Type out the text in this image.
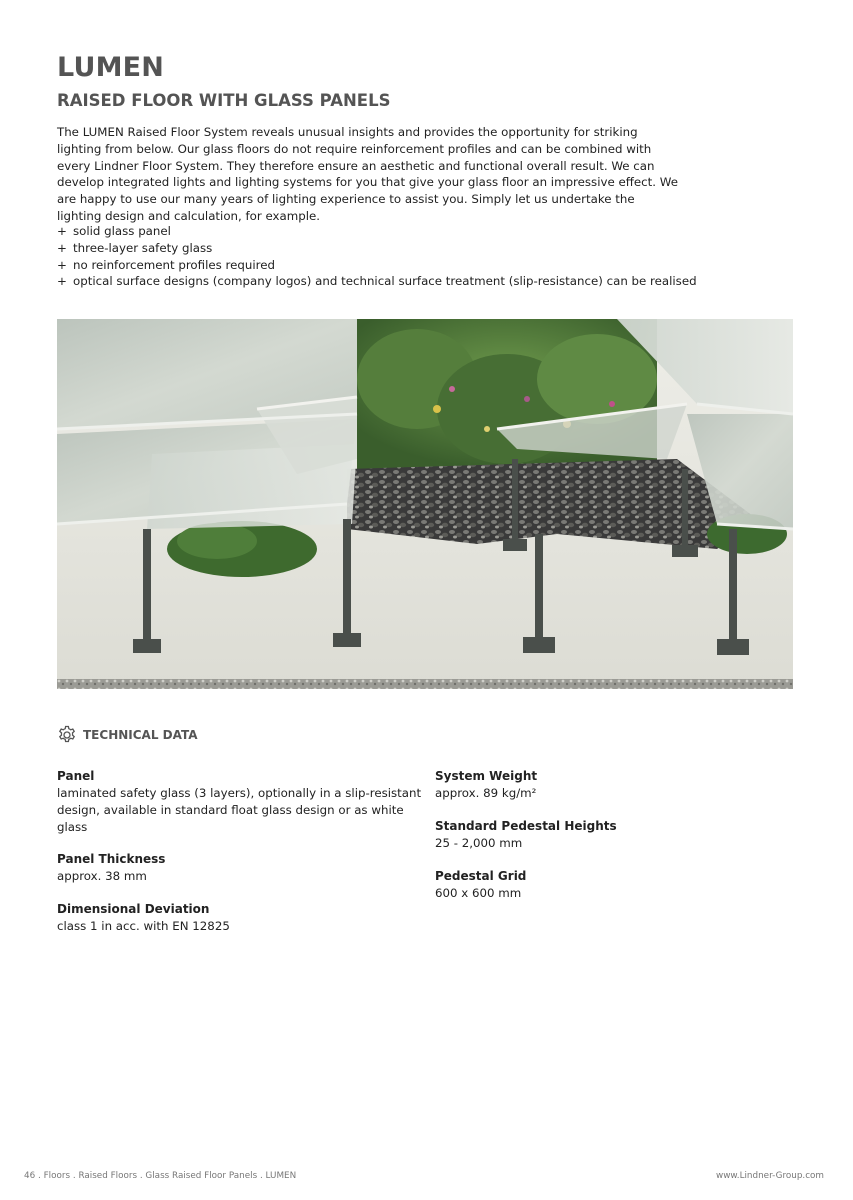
LUMEN
RAISED FLOOR WITH GLASS PANELS

The LUMEN Raised Floor System reveals unusual insights and provides the opportunity for striking lighting from below. Our glass floors do not require reinforcement profiles and can be combined with every Lindner Floor System. They therefore ensure an aesthetic and functional overall result. We can develop integrated lights and lighting systems for you that give your glass floor an impressive effect. We are happy to use our many years of lighting experience to assist you. Simply let us undertake the lighting design and calculation, for example.

+ solid glass panel
+ three-layer safety glass
+ no reinforcement profiles required
+ optical surface designs (company logos) and technical surface treatment (slip-resistance) can be realised
TECHNICAL DATA
Panel
laminated safety glass (3 layers), optionally in a slip-resistant design, available in standard float glass design or as white glass
Panel Thickness
approx. 38 mm
Dimensional Deviation
class 1 in acc. with EN 12825
System Weight
approx. 89 kg/m²
Standard Pedestal Heights
25 - 2,000 mm
Pedestal Grid
600 x 600 mm
46 . Floors . Raised Floors . Glass Raised Floor Panels . LUMEN	www.Lindner-Group.com
